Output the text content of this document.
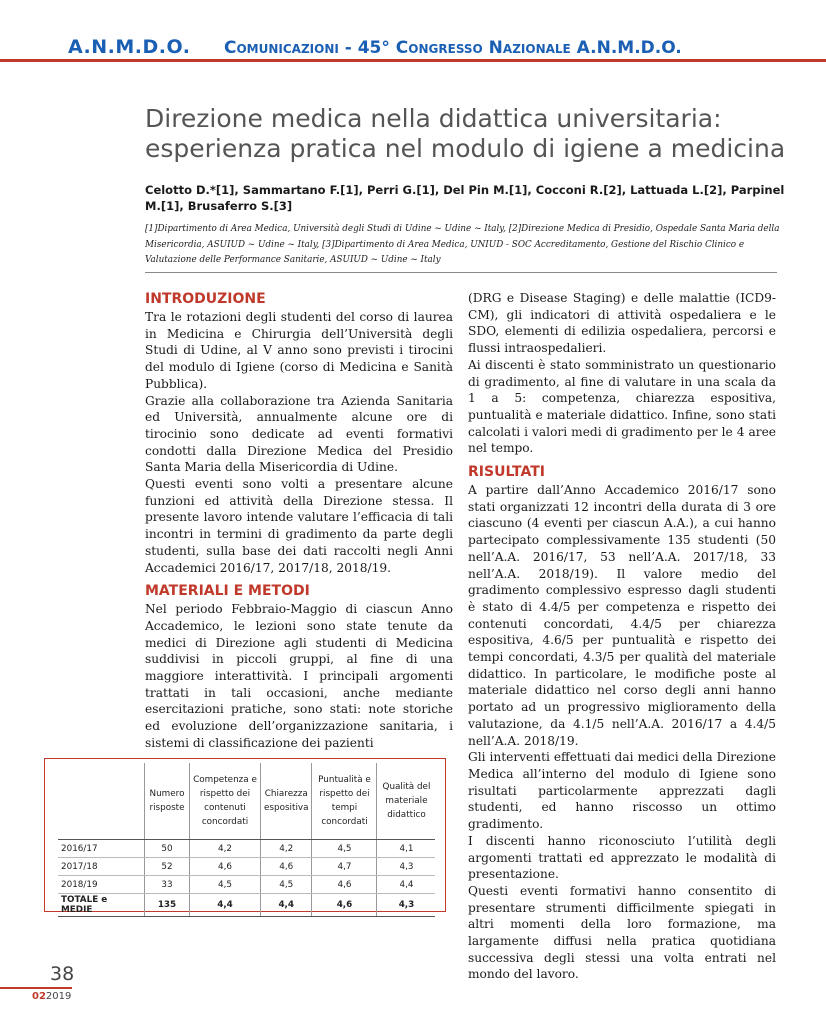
A.N.M.D.O. Comunicazioni - 45° Congresso Nazionale A.N.M.D.O.
Direzione medica nella didattica universitaria:
esperienza pratica nel modulo di igiene a medicina
Celotto D.*[1], Sammartano F.[1], Perri G.[1], Del Pin M.[1], Cocconi R.[2], Lattuada L.[2], Parpinel M.[1], Brusaferro S.[3]
[1]Dipartimento di Area Medica, Università degli Studi di Udine ~ Udine ~ Italy, [2]Direzione Medica di Presidio, Ospedale Santa Maria della Misericordia, ASUIUD ~ Udine ~ Italy, [3]Dipartimento di Area Medica, UNIUD - SOC Accreditamento, Gestione del Rischio Clinico e Valutazione delle Performance Sanitarie, ASUIUD ~ Udine ~ Italy
INTRODUZIONE

Tra le rotazioni degli studenti del corso di laurea in Medicina e Chirurgia dell’Università degli Studi di Udine, al V anno sono previsti i tirocini del modulo di Igiene (corso di Medicina e Sanità Pubblica).

Grazie alla collaborazione tra Azienda Sanitaria ed Università, annualmente alcune ore di tirocinio sono dedicate ad eventi formativi condotti dalla Direzione Medica del Presidio Santa Maria della Misericordia di Udine.

Questi eventi sono volti a presentare alcune funzioni ed attività della Direzione stessa. Il presente lavoro intende valutare l’efficacia di tali incontri in termini di gradimento da parte degli studenti, sulla base dei dati raccolti negli Anni Accademici 2016/17, 2017/18, 2018/19.

MATERIALI E METODI

Nel periodo Febbraio-Maggio di ciascun Anno Accademico, le lezioni sono state tenute da medici di Direzione agli studenti di Medicina suddivisi in piccoli gruppi, al fine di una maggiore interattività. I principali argomenti trattati in tali occasioni, anche mediante esercitazioni pratiche, sono stati: note storiche ed evoluzione dell’organizzazione sanitaria, i sistemi di classificazione dei pazienti

(DRG e Disease Staging) e delle malattie (ICD9-CM), gli indicatori di attività ospedaliera e le SDO, elementi di edilizia ospedaliera, percorsi e flussi intraospedalieri.

Ai discenti è stato somministrato un questionario di gradimento, al fine di valutare in una scala da 1 a 5: competenza, chiarezza espositiva, puntualità e materiale didattico. Infine, sono stati calcolati i valori medi di gradimento per le 4 aree nel tempo.

RISULTATI

A partire dall’Anno Accademico 2016/17 sono stati organizzati 12 incontri della durata di 3 ore ciascuno (4 eventi per ciascun A.A.), a cui hanno partecipato complessivamente 135 studenti (50 nell’A.A. 2016/17, 53 nell’A.A. 2017/18, 33 nell’A.A. 2018/19). Il valore medio del gradimento complessivo espresso dagli studenti è stato di 4.4/5 per competenza e rispetto dei contenuti concordati, 4.4/5 per chiarezza espositiva, 4.6/5 per puntualità e rispetto dei tempi concordati, 4.3/5 per qualità del materiale didattico. In particolare, le modifiche poste al materiale didattico nel corso degli anni hanno portato ad un progressivo miglioramento della valutazione, da 4.1/5 nell’A.A. 2016/17 a 4.4/5 nell’A.A. 2018/19.

Gli interventi effettuati dai medici della Direzione Medica all’interno del modulo di Igiene sono risultati particolarmente apprezzati dagli studenti, ed hanno riscosso un ottimo gradimento.

I discenti hanno riconosciuto l’utilità degli argomenti trattati ed apprezzato le modalità di presentazione.

Questi eventi formativi hanno consentito di presentare strumenti difficilmente spiegati in altri momenti della loro formazione, ma largamente diffusi nella pratica quotidiana successiva degli stessi una volta entrati nel mondo del lavoro.

	Numero risposte	Competenza e rispetto dei contenuti concordati	Chiarezza espositiva	Puntualità e rispetto dei tempi concordati	Qualità del materiale didattico
2016/17	50	4,2	4,2	4,5	4,1
2017/18	52	4,6	4,6	4,7	4,3
2018/19	33	4,5	4,5	4,6	4,4
TOTALE e MEDIE	135	4,4	4,4	4,6	4,3
38
022019
